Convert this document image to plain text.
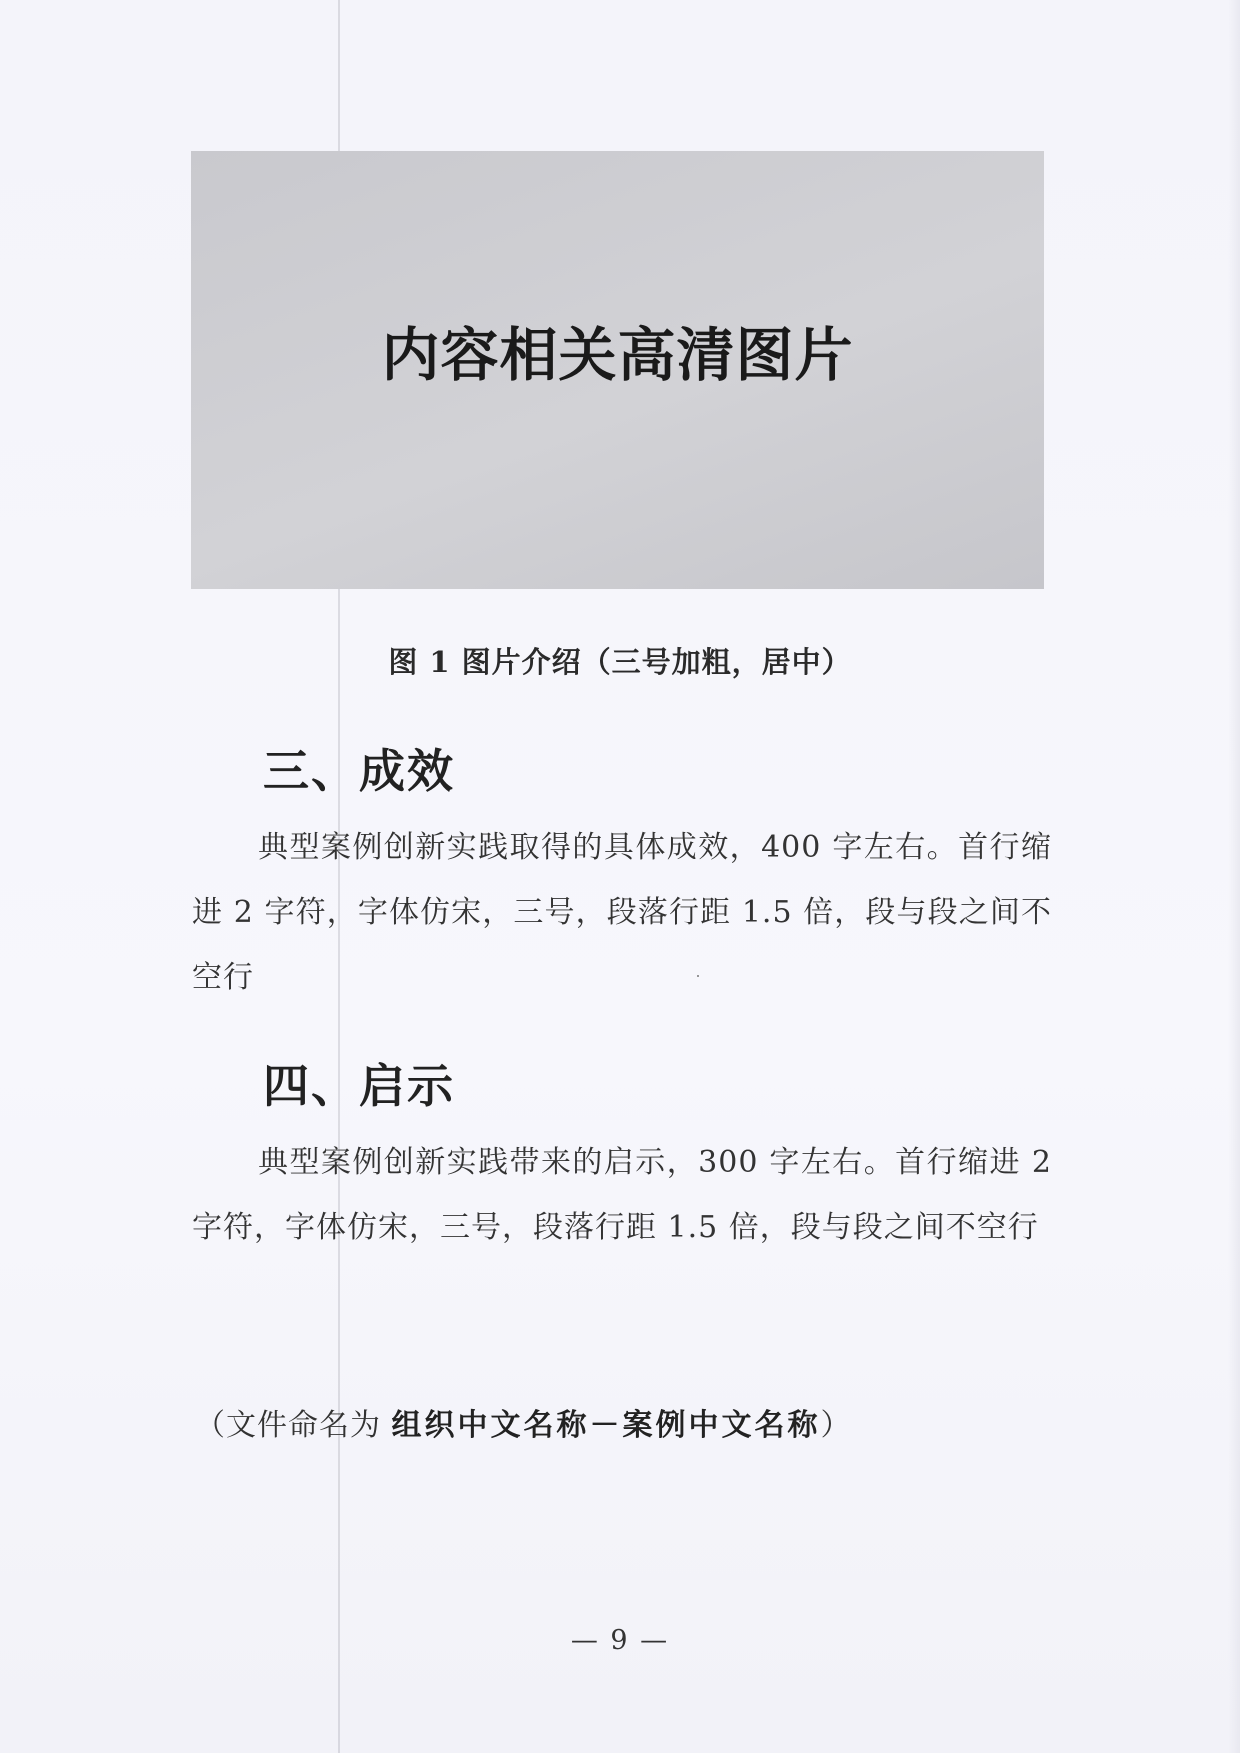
内容相关高清图片
图 1 图片介绍（三号加粗，居中）
三、成效
典型案例创新实践取得的具体成效，400 字左右。首行缩进 2 字符，字体仿宋，三号，段落行距 1.5 倍，段与段之间不空行
四、启示
典型案例创新实践带来的启示，300 字左右。首行缩进 2 字符，字体仿宋，三号，段落行距 1.5 倍，段与段之间不空行
（文件命名为 组织中文名称－案例中文名称）
— 9 —
